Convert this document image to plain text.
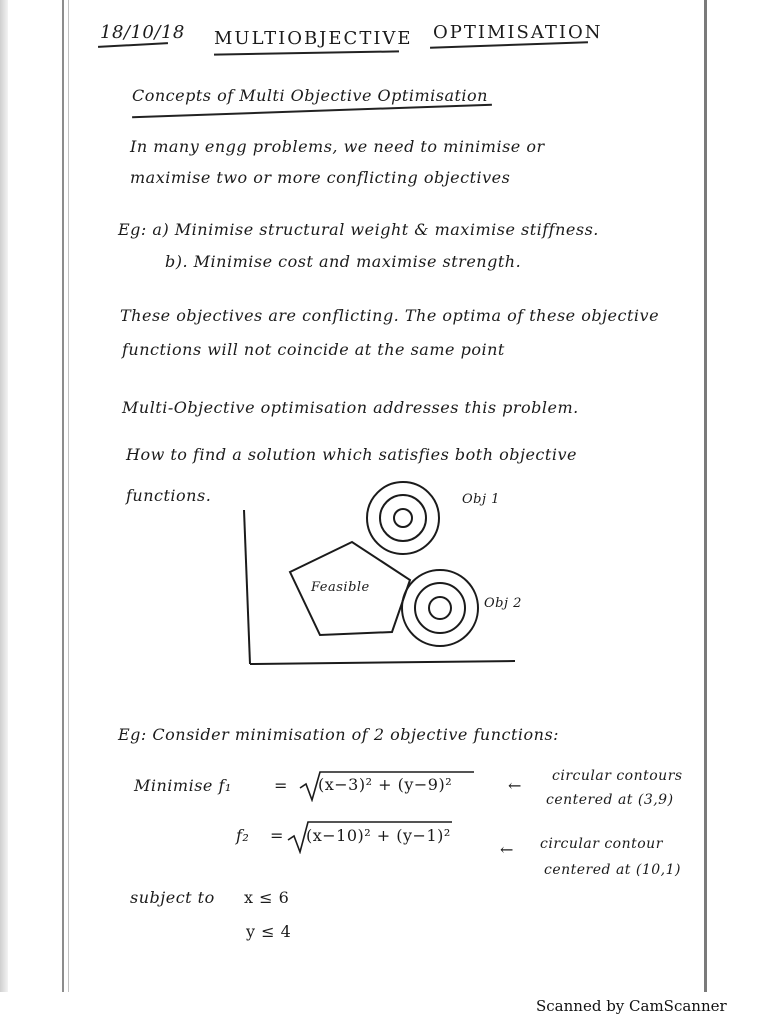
18/10/18 MULTIOBJECTIVE OPTIMISATION
Concepts of Multi Objective Optimisation
In many engg problems, we need to minimise or
maximise two or more conflicting objectives
Eg: a) Minimise structural weight & maximise stiffness.
b). Minimise cost and maximise strength.
These objectives are conflicting. The optima of these objective
functions will not coincide at the same point
Multi-Objective optimisation addresses this problem.
How to find a solution which satisfies both objective
functions.	Obj 1
Obj 2
Feasible
Eg: Consider minimisation of 2 objective functions:
Minimise f₁	= (x−3)² + (y−9)²	← circular contours
centered at (3,9)
f₂ = (x−10)² + (y−1)²
← circular contour
centered at (10,1)
subject to x ≤ 6
y ≤ 4
Scanned by CamScanner
